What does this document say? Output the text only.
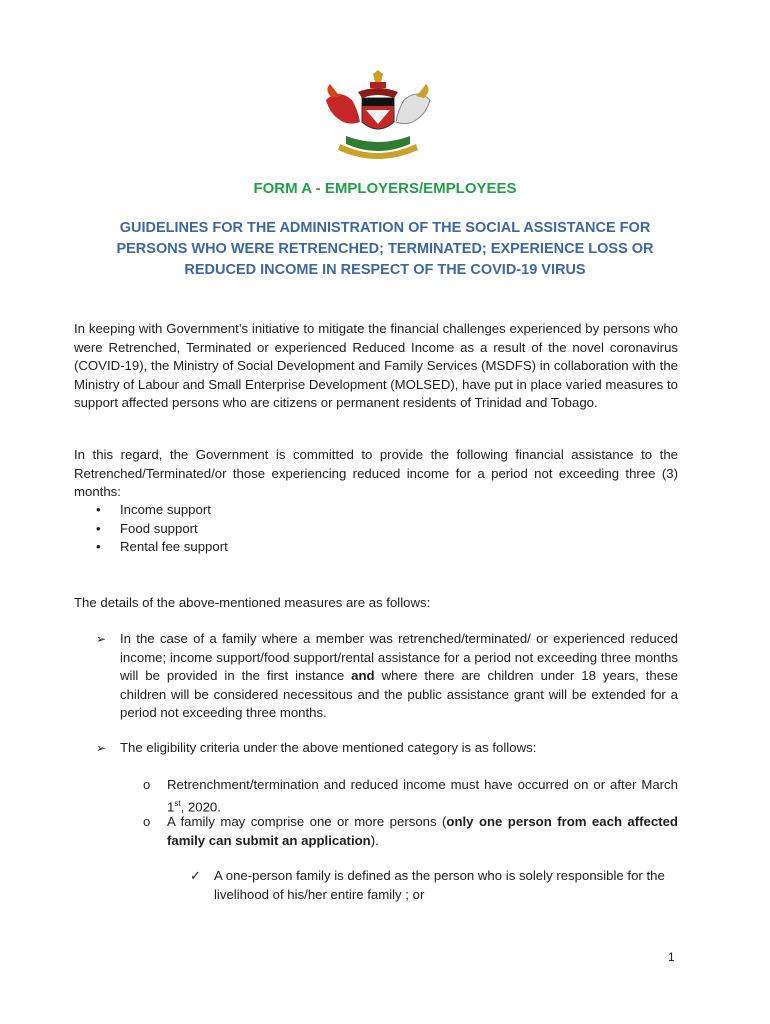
FORM A - EMPLOYERS/EMPLOYEES
GUIDELINES FOR THE ADMINISTRATION OF THE SOCIAL ASSISTANCE FOR
PERSONS WHO WERE RETRENCHED; TERMINATED; EXPERIENCE LOSS OR
REDUCED INCOME IN RESPECT OF THE COVID-19 VIRUS

In keeping with Government’s initiative to mitigate the financial challenges experienced by persons who were Retrenched, Terminated or experienced Reduced Income as a result of the novel coronavirus (COVID-19), the Ministry of Social Development and Family Services (MSDFS) in collaboration with the Ministry of Labour and Small Enterprise Development (MOLSED), have put in place varied measures to support affected persons who are citizens or permanent residents of Trinidad and Tobago.

In this regard, the Government is committed to provide the following financial assistance to the Retrenched/Terminated/or those experiencing reduced income for a period not exceeding three (3) months:

• Income support
• Food support
• Rental fee support

The details of the above-mentioned measures are as follows:

➢ In the case of a family where a member was retrenched/terminated/ or experienced reduced income; income support/food support/rental assistance for a period not exceeding three months will be provided in the first instance and where there are children under 18 years, these children will be considered necessitous and the public assistance grant will be extended for a period not exceeding three months.
➢ The eligibility criteria under the above mentioned category is as follows:
o Retrenchment/termination and reduced income must have occurred on or after March 1st, 2020.
o A family may comprise one or more persons (only one person from each affected family can submit an application).
✓ A one-person family is defined as the person who is solely responsible for the livelihood of his/her entire family ; or
1
